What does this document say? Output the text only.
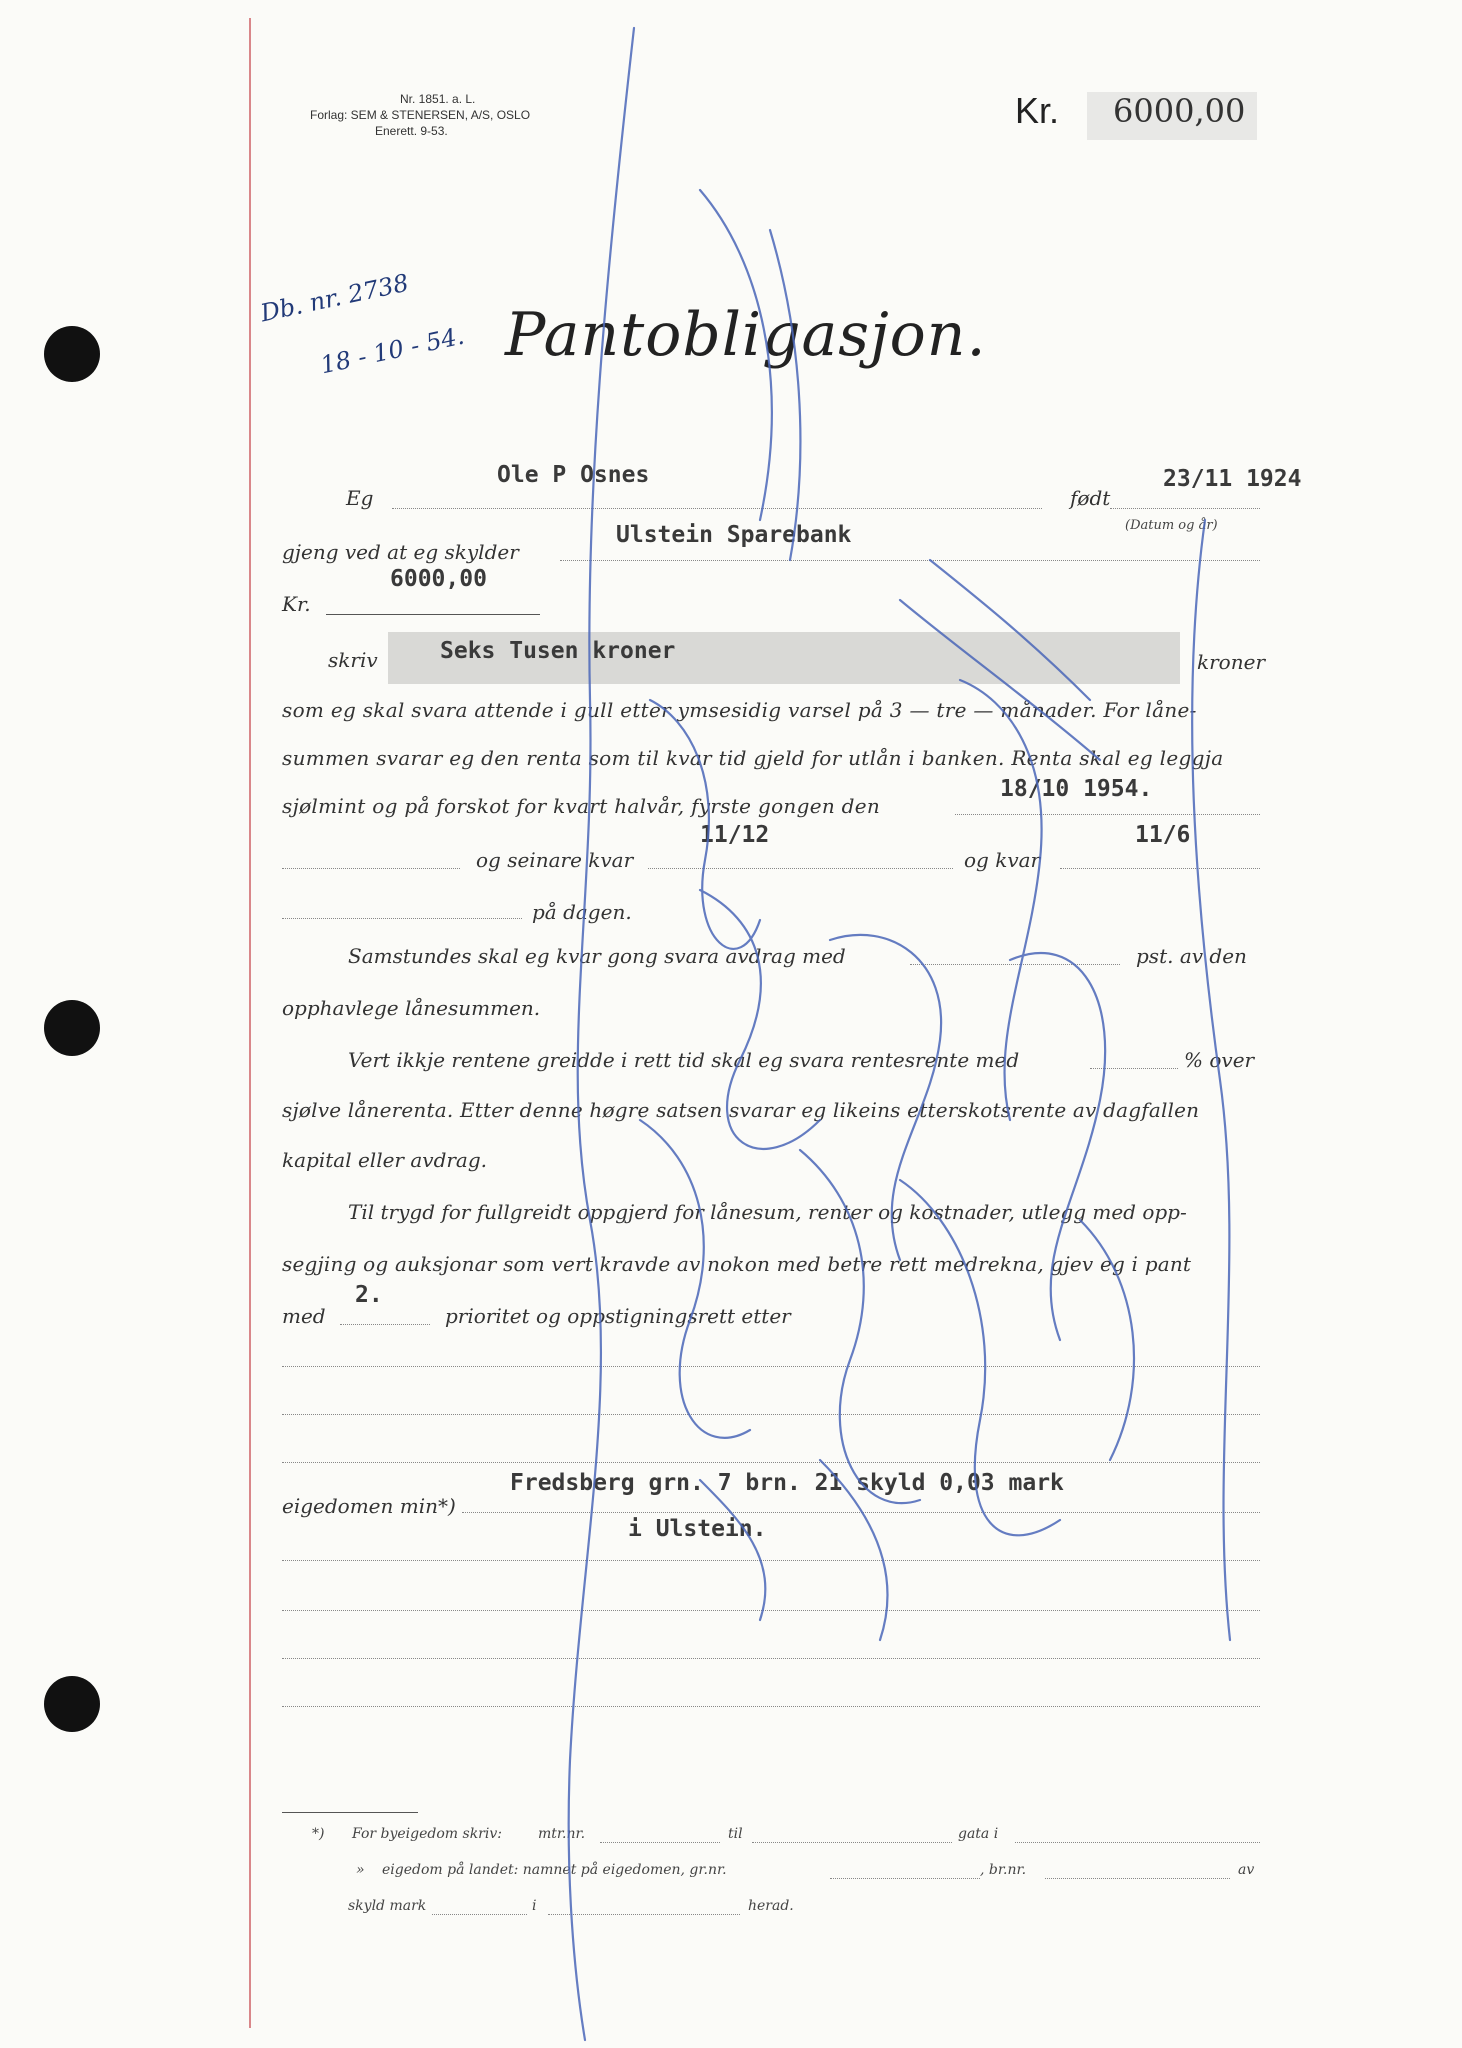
Nr. 1851. a. L.
Forlag: SEM & STENERSEN, A/S, OSLO
Enerett. 9-53.	Kr.	6000,00
Db. nr. 2738
18 - 10 - 54. Pantobligasjon.
Eg
Ole P Osnes
født
23/11 1924
(Datum og år)
gjeng ved at eg skylder
Ulstein Sparebank
Kr.
6000,00
skriv	Seks Tusen kroner	kroner
som eg skal svara attende i gull etter ymsesidig varsel på 3 — tre — månader. For låne-
summen svarar eg den renta som til kvar tid gjeld for utlån i banken. Renta skal eg leggja
sjølmint og på forskot for kvart halvår, fyrste gongen den
18/10 1954.
og seinare kvar
11/12
og kvar
11/6
på dagen.
Samstundes skal eg kvar gong svara avdrag med	pst. av den
opphavlege lånesummen.
Vert ikkje rentene greidde i rett tid skal eg svara rentesrente med	% over
sjølve lånerenta. Etter denne høgre satsen svarar eg likeins etterskotsrente av dagfallen
kapital eller avdrag.
Til trygd for fullgreidt oppgjerd for lånesum, renter og kostnader, utlegg med opp-
segjing og auksjonar som vert kravde av nokon med betre rett medrekna, gjev eg i pant
med
2.
prioritet og oppstigningsrett etter
Fredsberg grn. 7 brn. 21 skyld 0,03 mark
eigedomen min*)
i Ulstein.
*) For byeigedom skriv:	mtr.nr.	til	gata i
» eigedom på landet: namnet på eigedomen, gr.nr.	, br.nr.	av
skyld mark	i	herad.
